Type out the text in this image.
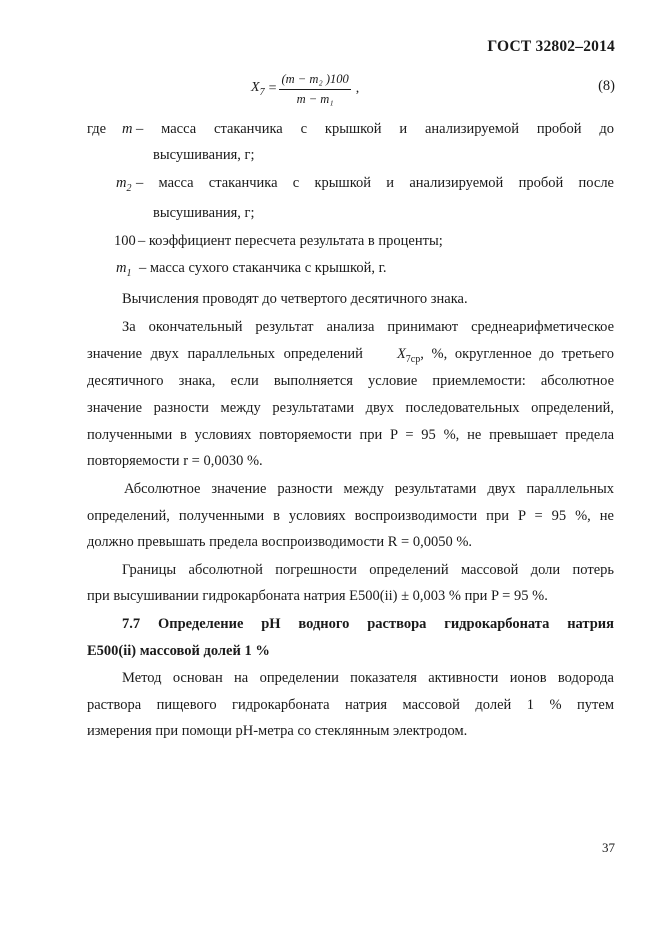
ГОСТ 32802–2014
$X_7 = \frac{\text{(m − m₂ )100}}{\text{m − m₁}}$ ,	(8)
где m – масса стаканчика с крышкой и анализируемой пробой до
высушивания, г;
$m_2$ – масса стаканчика с крышкой и анализируемой пробой после
высушивания, г;
100 – коэффициент пересчета результата в проценты;
$m_1$ – масса сухого стаканчика с крышкой, г.
Вычисления проводят до четвертого десятичного знака.
За окончательный результат анализа принимают среднеарифметическое
значение двух параллельных определений $X_{7ср}$, %, округленное до третьего
десятичного знака, если выполняется условие приемлемости: абсолютное
значение разности между результатами двух последовательных определений,
полученными в условиях повторяемости при P = 95 %, не превышает предела
повторяемости r = 0,0030 %.
Абсолютное значение разности между результатами двух параллельных
определений, полученными в условиях воспроизводимости при P = 95 %, не
должно превышать предела воспроизводимости R = 0,0050 %.
Границы абсолютной погрешности определений массовой доли потерь
при высушивании гидрокарбоната натрия Е500(ii) ± 0,003 % при P = 95 %.
7.7 Определение pH водного раствора гидрокарбоната натрия
Е500(ii) массовой долей 1 %
Метод основан на определении показателя активности ионов водорода
раствора пищевого гидрокарбоната натрия массовой долей 1 % путем
измерения при помощи pH-метра со стеклянным электродом.
37
